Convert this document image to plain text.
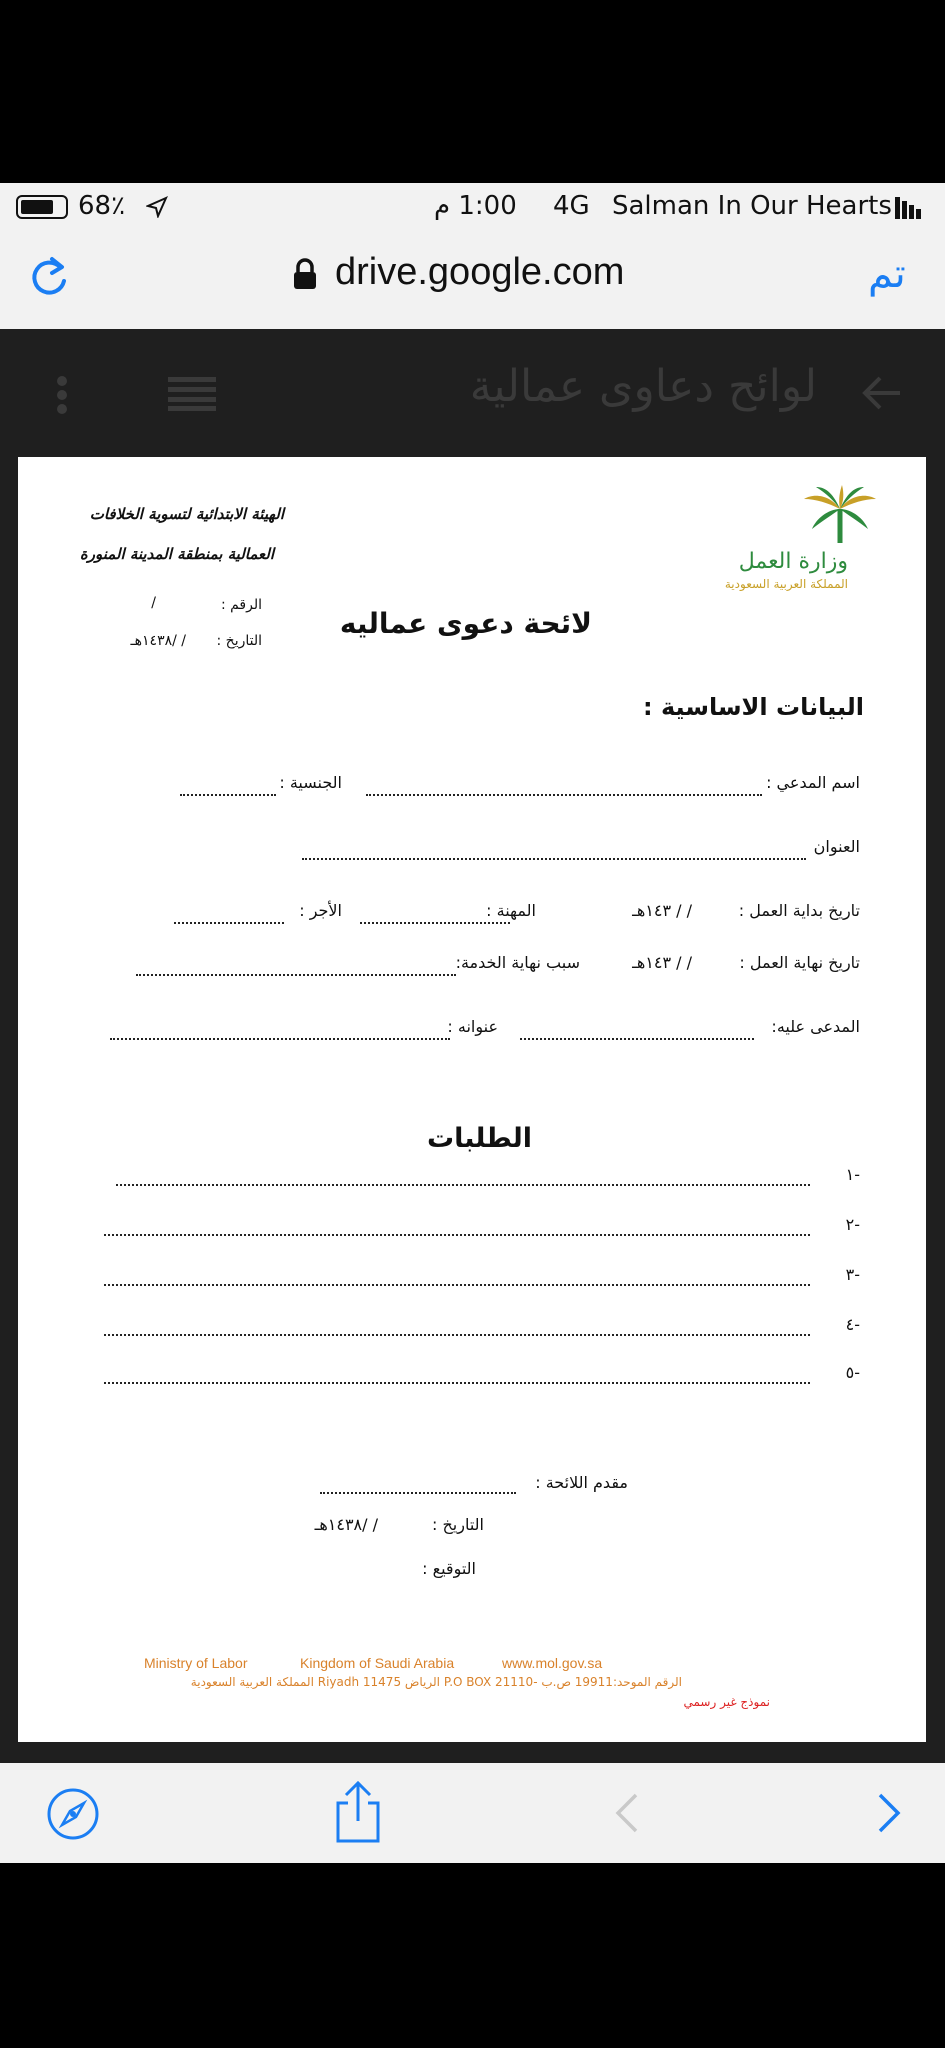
68٪	1:00 م 4G Salman In Our Hearts
drive.google.com	تم
لوائح دعاوى عمالية
الهيئة الابتدائية لتسوية الخلافات
العمالية بمنطقة المدينة المنورة
الرقم :
/
التاريخ :
/ /١٤٣٨هـ
وزارة العمل
المملكة العربية السعودية
لائحة دعوى عماليه
البيانات الاساسية :
اسم المدعي :
الجنسية :
العنوان
تاريخ بداية العمل :
/ / ١٤٣هـ
المهنة :
الأجر :
تاريخ نهاية العمل :
/ / ١٤٣هـ
سبب نهاية الخدمة:
المدعى عليه:
عنوانه :
الطلبات
-١
-٢
-٣
-٤
-٥
مقدم اللائحة :
التاريخ :
/ /١٤٣٨هـ
التوقيع :
Ministry of Labor	Kingdom of Saudi Arabia	www.mol.gov.sa
الرقم الموحد:19911 ص.ب -P.O BOX 21110 الرياض Riyadh 11475 المملكة العربية السعودية
نموذج غير رسمي
